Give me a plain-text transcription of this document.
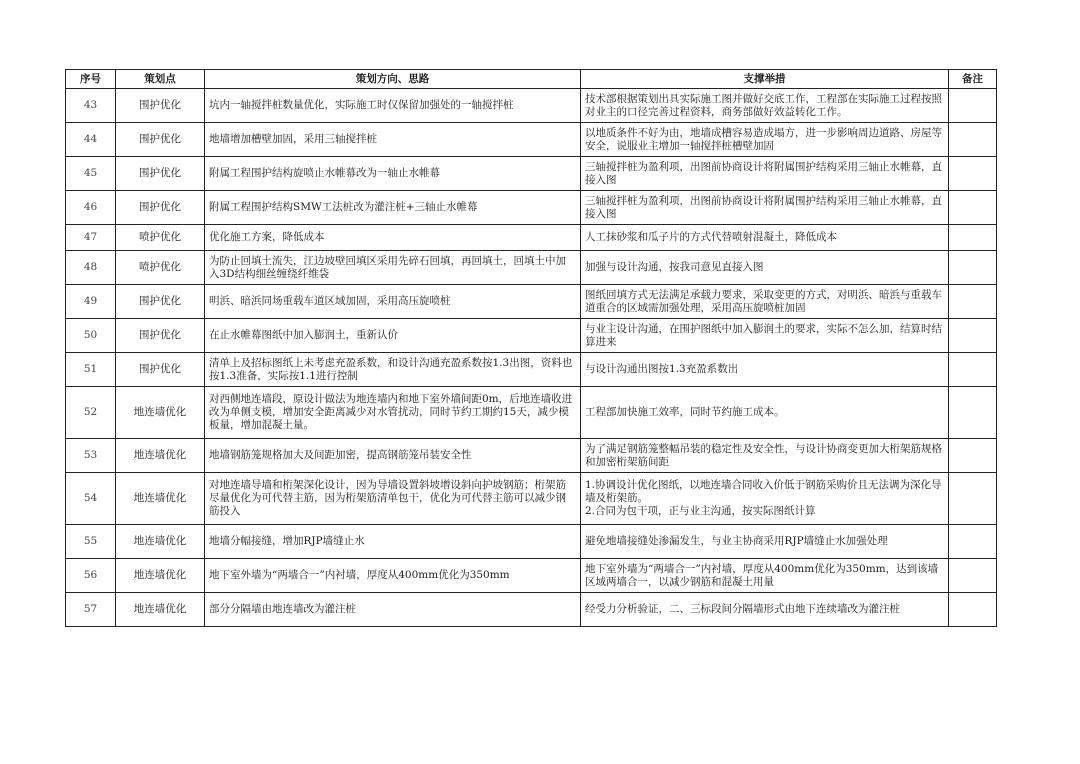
序号	策划点	策划方向、思路	支撑举措	备注
43	围护优化	坑内一轴搅拌桩数量优化，实际施工时仅保留加强处的一轴搅拌桩	技术部根据策划出具实际施工图并做好交底工作，工程部在实际施工过程按照对业主的口径完善过程资料，商务部做好效益转化工作。	
44	围护优化	地墙增加槽壁加固，采用三轴搅拌桩	以地质条件不好为由，地墙成槽容易造成塌方，进一步影响周边道路、房屋等安全，说服业主增加一轴搅拌桩槽壁加固	
45	围护优化	附属工程围护结构旋喷止水帷幕改为一轴止水帷幕	三轴搅拌桩为盈利项，出图前协商设计将附属围护结构采用三轴止水帷幕，直接入图	
46	围护优化	附属工程围护结构SMW工法桩改为灌注桩+三轴止水帷幕	三轴搅拌桩为盈利项，出图前协商设计将附属围护结构采用三轴止水帷幕，直接入图	
47	喷护优化	优化施工方案，降低成本	人工抹砂浆和瓜子片的方式代替喷射混凝土，降低成本	
48	喷护优化	为防止回填土流失，江边坡壁回填区采用先碎石回填，再回填土，回填土中加入3D结构细丝缠绕纤维袋	加强与设计沟通，按我司意见直接入图	
49	围护优化	明浜、暗浜同场重载车道区域加固，采用高压旋喷桩	图纸回填方式无法满足承载力要求，采取变更的方式，对明浜、暗浜与重载车道重合的区域需加强处理，采用高压旋喷桩加固	
50	围护优化	在止水帷幕图纸中加入膨润土，重新认价	与业主设计沟通，在围护图纸中加入膨润土的要求，实际不怎么加，结算时结算进来	
51	围护优化	清单上及招标图纸上未考虑充盈系数，和设计沟通充盈系数按1.3出图，资料也按1.3准备，实际按1.1进行控制	与设计沟通出图按1.3充盈系数出	
52	地连墙优化	对西侧地连墙段，原设计做法为地连墙内和地下室外墙间距0m，后地连墙收进改为单侧支模，增加安全距离减少对水管扰动，同时节约工期约15天，减少模板量，增加混凝土量。	工程部加快施工效率，同时节约施工成本。	
53	地连墙优化	地墙钢筋笼规格加大及间距加密，提高钢筋笼吊装安全性	为了满足钢筋笼整幅吊装的稳定性及安全性，与设计协商变更加大桁架筋规格和加密桁架筋间距	
54	地连墙优化	对地连墙导墙和桁架深化设计，因为导墙设置斜坡增设斜向护坡钢筋；桁架筋尽量优化为可代替主筋，因为桁架筋清单包干，优化为可代替主筋可以减少钢筋投入	1.协调设计优化图纸，以地连墙合同收入价低于钢筋采购价且无法调为深化导墙及桁架筋。
2.合同为包干项，正与业主沟通，按实际图纸计算	
55	地连墙优化	地墙分幅接缝，增加RJP墙缝止水	避免地墙接缝处渗漏发生，与业主协商采用RJP墙缝止水加强处理	
56	地连墙优化	地下室外墙为“两墙合一”内衬墙，厚度从400mm优化为350mm	地下室外墙为“两墙合一”内衬墙，厚度从400mm优化为350mm，达到该墙区域两墙合一，以减少钢筋和混凝土用量	
57	地连墙优化	部分分隔墙由地连墙改为灌注桩	经受力分析验证，二、三标段间分隔墙形式由地下连续墙改为灌注桩	
